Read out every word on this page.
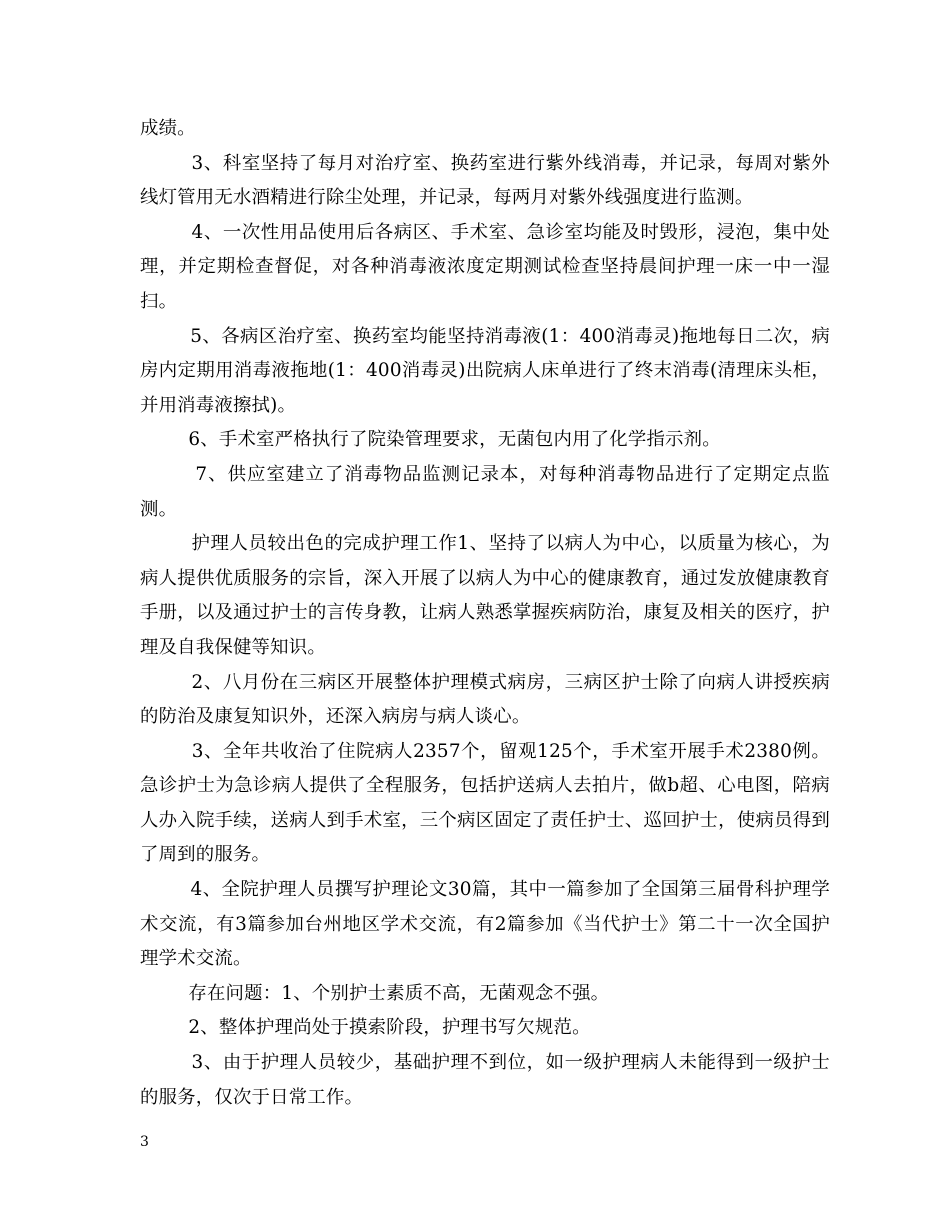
成绩。

3、科室坚持了每月对治疗室、换药室进行紫外线消毒，并记录，每周对紫外线灯管用无水酒精进行除尘处理，并记录，每两月对紫外线强度进行监测。

4、一次性用品使用后各病区、手术室、急诊室均能及时毁形，浸泡，集中处理，并定期检查督促，对各种消毒液浓度定期测试检查坚持晨间护理一床一中一湿扫。

5、各病区治疗室、换药室均能坚持消毒液(1：400消毒灵)拖地每日二次，病房内定期用消毒液拖地(1：400消毒灵)出院病人床单进行了终末消毒(清理床头柜，并用消毒液擦拭)。

6、手术室严格执行了院染管理要求，无菌包内用了化学指示剂。

7、供应室建立了消毒物品监测记录本，对每种消毒物品进行了定期定点监测。

护理人员较出色的完成护理工作1、坚持了以病人为中心，以质量为核心，为病人提供优质服务的宗旨，深入开展了以病人为中心的健康教育，通过发放健康教育手册，以及通过护士的言传身教，让病人熟悉掌握疾病防治，康复及相关的医疗，护理及自我保健等知识。

2、八月份在三病区开展整体护理模式病房，三病区护士除了向病人讲授疾病的防治及康复知识外，还深入病房与病人谈心。

3、全年共收治了住院病人2357个，留观125个，手术室开展手术2380例。急诊护士为急诊病人提供了全程服务，包括护送病人去拍片，做b超、心电图，陪病人办入院手续，送病人到手术室，三个病区固定了责任护士、巡回护士，使病员得到了周到的服务。

4、全院护理人员撰写护理论文30篇，其中一篇参加了全国第三届骨科护理学术交流，有3篇参加台州地区学术交流，有2篇参加《当代护士》第二十一次全国护理学术交流。

存在问题：1、个别护士素质不高，无菌观念不强。

2、整体护理尚处于摸索阶段，护理书写欠规范。

3、由于护理人员较少，基础护理不到位，如一级护理病人未能得到一级护士的服务，仅次于日常工作。

3
